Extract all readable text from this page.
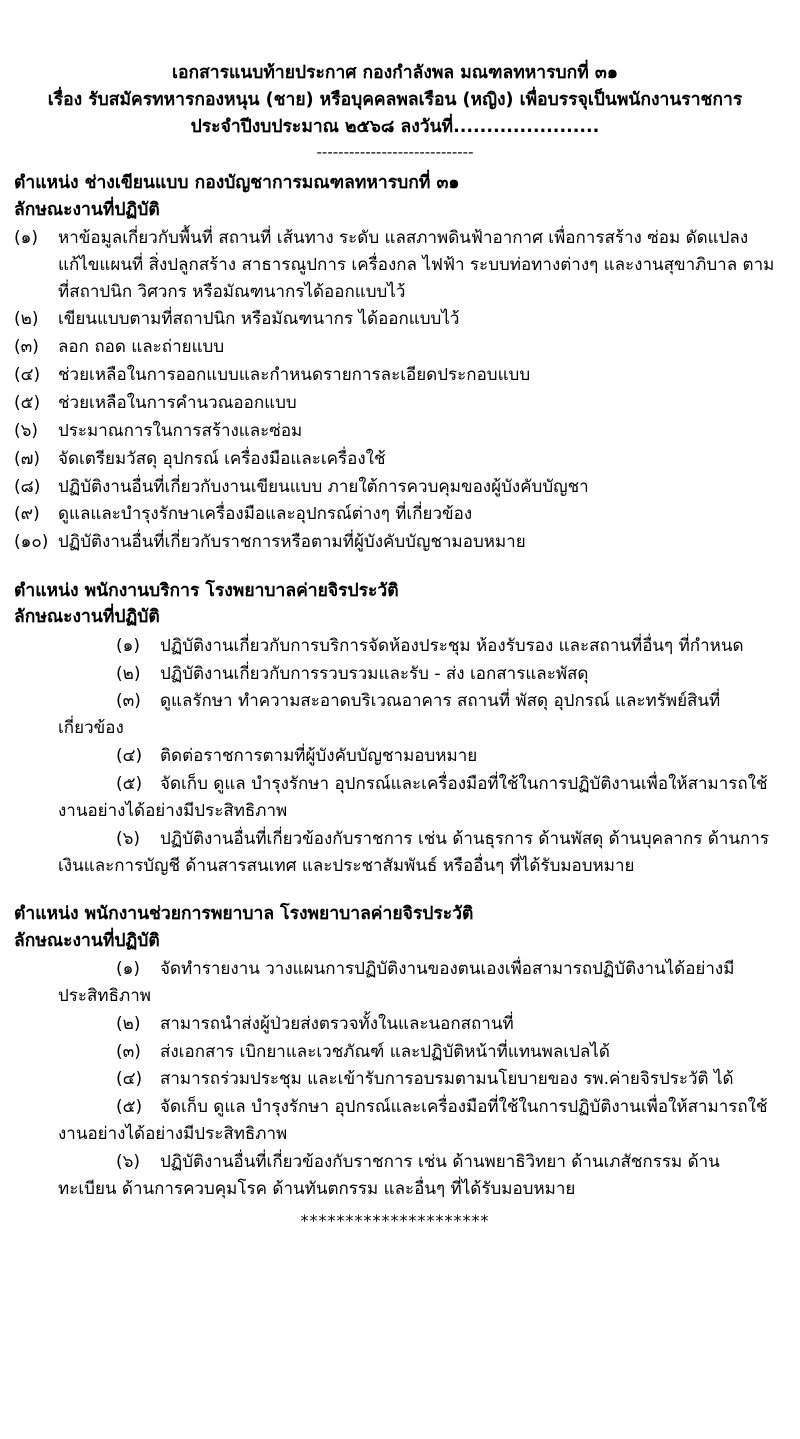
เอกสารแนบท้ายประกาศ กองกำลังพล มณฑลทหารบกที่ ๓๑
เรื่อง รับสมัครทหารกองหนุน (ชาย) หรือบุคคลพลเรือน (หญิง) เพื่อบรรจุเป็นพนักงานราชการ
ประจำปีงบประมาณ ๒๕๖๘ ลงวันที่......................
-----------------------------
ตำแหน่ง ช่างเขียนแบบ กองบัญชาการมณฑลทหารบกที่ ๓๑
ลักษณะงานที่ปฏิบัติ
(๑)	หาข้อมูลเกี่ยวกับพื้นที่ สถานที่ เส้นทาง ระดับ แลสภาพดินฟ้าอากาศ เพื่อการสร้าง ซ่อม ดัดแปลง แก้ไขแผนที่ สิ่งปลูกสร้าง สาธารณูปการ เครื่องกล ไฟฟ้า ระบบท่อทางต่างๆ และงานสุขาภิบาล ตามที่สถาปนิก วิศวกร หรือมัณฑนากรได้ออกแบบไว้
(๒)	เขียนแบบตามที่สถาปนิก หรือมัณฑนากร ได้ออกแบบไว้
(๓)	ลอก ถอด และถ่ายแบบ
(๔)	ช่วยเหลือในการออกแบบและกำหนดรายการละเอียดประกอบแบบ
(๕)	ช่วยเหลือในการคำนวณออกแบบ
(๖)	ประมาณการในการสร้างและซ่อม
(๗)	จัดเตรียมวัสดุ อุปกรณ์ เครื่องมือและเครื่องใช้
(๘)	ปฏิบัติงานอื่นที่เกี่ยวกับงานเขียนแบบ ภายใต้การควบคุมของผู้บังคับบัญชา
(๙)	ดูแลและบำรุงรักษาเครื่องมือและอุปกรณ์ต่างๆ ที่เกี่ยวข้อง
(๑๐) ปฏิบัติงานอื่นที่เกี่ยวกับราชการหรือตามที่ผู้บังคับบัญชามอบหมาย
ตำแหน่ง พนักงานบริการ โรงพยาบาลค่ายจิรประวัติ
ลักษณะงานที่ปฏิบัติ
(๑)	ปฏิบัติงานเกี่ยวกับการบริการจัดห้องประชุม ห้องรับรอง และสถานที่อื่นๆ ที่กำหนด
(๒)	ปฏิบัติงานเกี่ยวกับการรวบรวมและรับ - ส่ง เอกสารและพัสดุ
(๓)	ดูแลรักษา ทำความสะอาดบริเวณอาคาร สถานที่ พัสดุ อุปกรณ์ และทรัพย์สินที่เกี่ยวข้อง
(๔)	ติดต่อราชการตามที่ผู้บังคับบัญชามอบหมาย
(๕)	จัดเก็บ ดูแล บำรุงรักษา อุปกรณ์และเครื่องมือที่ใช้ในการปฏิบัติงานเพื่อให้สามารถใช้งานอย่างได้อย่างมีประสิทธิภาพ
(๖)	ปฏิบัติงานอื่นที่เกี่ยวข้องกับราชการ เช่น ด้านธุรการ ด้านพัสดุ ด้านบุคลากร ด้านการเงินและการบัญชี ด้านสารสนเทศ และประชาสัมพันธ์ หรืออื่นๆ ที่ได้รับมอบหมาย
ตำแหน่ง พนักงานช่วยการพยาบาล โรงพยาบาลค่ายจิรประวัติ
ลักษณะงานที่ปฏิบัติ
(๑)	จัดทำรายงาน วางแผนการปฏิบัติงานของตนเองเพื่อสามารถปฏิบัติงานได้อย่างมีประสิทธิภาพ
(๒)	สามารถนำส่งผู้ป่วยส่งตรวจทั้งในและนอกสถานที่
(๓)	ส่งเอกสาร เบิกยาและเวชภัณฑ์ และปฏิบัติหน้าที่แทนพลเปลได้
(๔)	สามารถร่วมประชุม และเข้ารับการอบรมตามนโยบายของ รพ.ค่ายจิรประวัติ ได้
(๕)	จัดเก็บ ดูแล บำรุงรักษา อุปกรณ์และเครื่องมือที่ใช้ในการปฏิบัติงานเพื่อให้สามารถใช้งานอย่างได้อย่างมีประสิทธิภาพ
(๖)	ปฏิบัติงานอื่นที่เกี่ยวข้องกับราชการ เช่น ด้านพยาธิวิทยา ด้านเภสัชกรรม ด้านทะเบียน ด้านการควบคุมโรค ด้านทันตกรรม และอื่นๆ ที่ได้รับมอบหมาย
*********************
